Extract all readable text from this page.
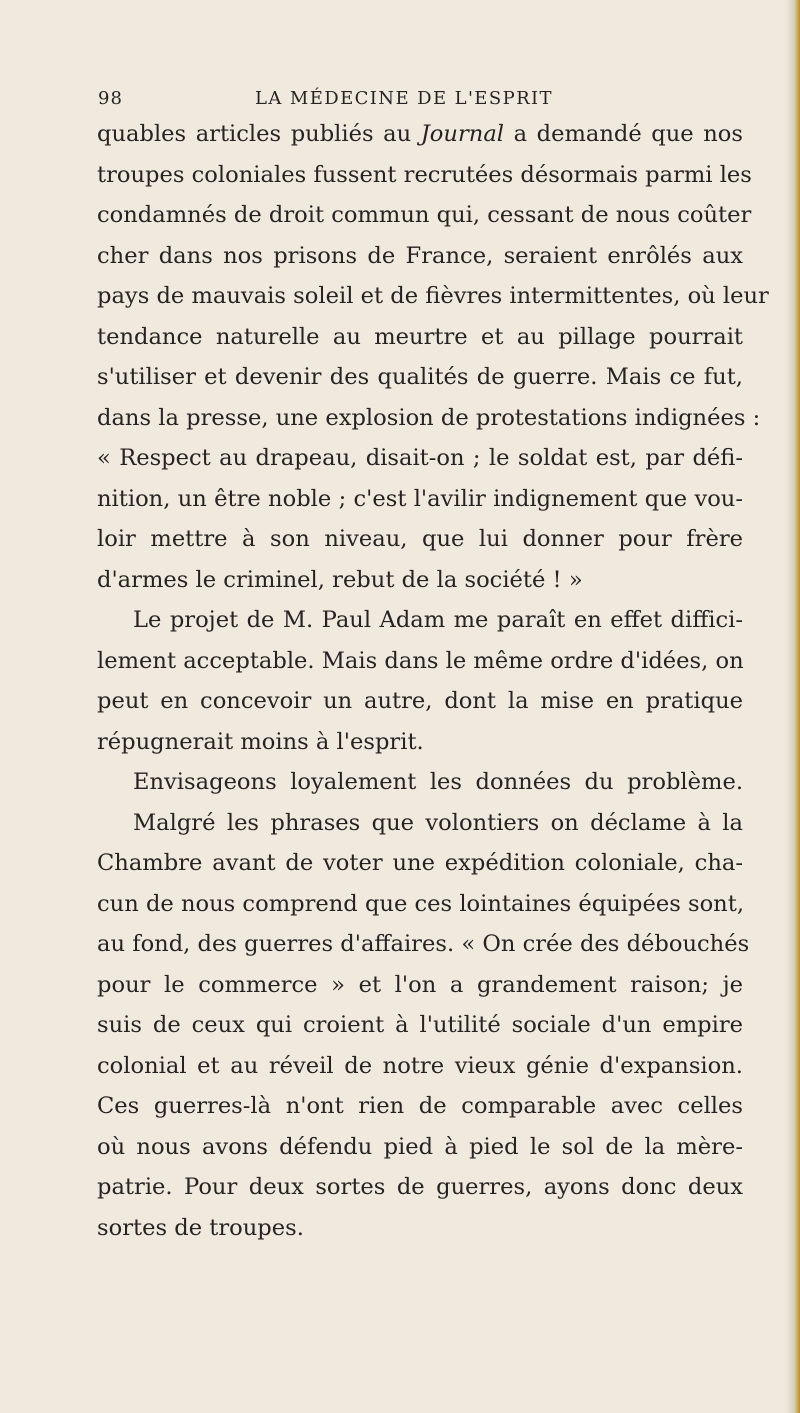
98	LA MÉDECINE DE L'ESPRIT
quables articles publiés au Journal a demandé que nos
troupes coloniales fussent recrutées désormais parmi les
condamnés de droit commun qui, cessant de nous coûter
cher dans nos prisons de France, seraient enrôlés aux
pays de mauvais soleil et de fièvres intermittentes, où leur
tendance naturelle au meurtre et au pillage pourrait
s'utiliser et devenir des qualités de guerre. Mais ce fut,
dans la presse, une explosion de protestations indignées :
« Respect au drapeau, disait-on ; le soldat est, par défi-
nition, un être noble ; c'est l'avilir indignement que vou-
loir mettre à son niveau, que lui donner pour frère
d'armes le criminel, rebut de la société ! »
Le projet de M. Paul Adam me paraît en effet diffici-
lement acceptable. Mais dans le même ordre d'idées, on
peut en concevoir un autre, dont la mise en pratique
répugnerait moins à l'esprit.
Envisageons loyalement les données du problème.
Malgré les phrases que volontiers on déclame à la
Chambre avant de voter une expédition coloniale, cha-
cun de nous comprend que ces lointaines équipées sont,
au fond, des guerres d'affaires. « On crée des débouchés
pour le commerce » et l'on a grandement raison; je
suis de ceux qui croient à l'utilité sociale d'un empire
colonial et au réveil de notre vieux génie d'expansion.
Ces guerres-là n'ont rien de comparable avec celles
où nous avons défendu pied à pied le sol de la mère-
patrie. Pour deux sortes de guerres, ayons donc deux
sortes de troupes.
